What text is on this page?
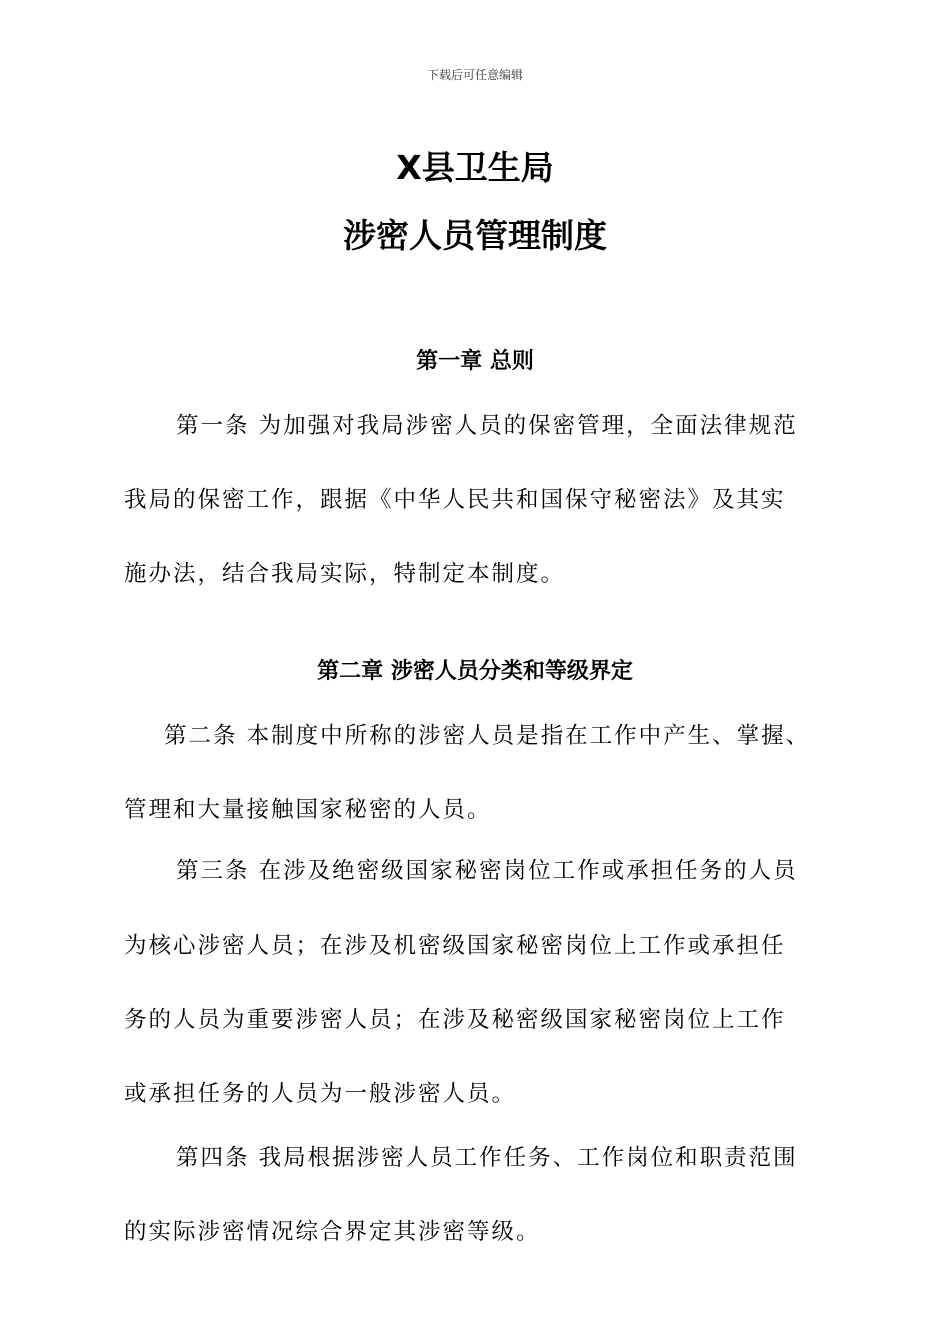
下载后可任意编辑
X县卫生局
涉密人员管理制度
第一章 总则
第一条 为加强对我局涉密人员的保密管理，全面法律规范
我局的保密工作，跟据《中华人民共和国保守秘密法》及其实
施办法，结合我局实际，特制定本制度。
第二章 涉密人员分类和等级界定
第二条 本制度中所称的涉密人员是指在工作中产生、掌握、
管理和大量接触国家秘密的人员。
第三条 在涉及绝密级国家秘密岗位工作或承担任务的人员
为核心涉密人员；在涉及机密级国家秘密岗位上工作或承担任
务的人员为重要涉密人员；在涉及秘密级国家秘密岗位上工作
或承担任务的人员为一般涉密人员。
第四条 我局根据涉密人员工作任务、工作岗位和职责范围
的实际涉密情况综合界定其涉密等级。
